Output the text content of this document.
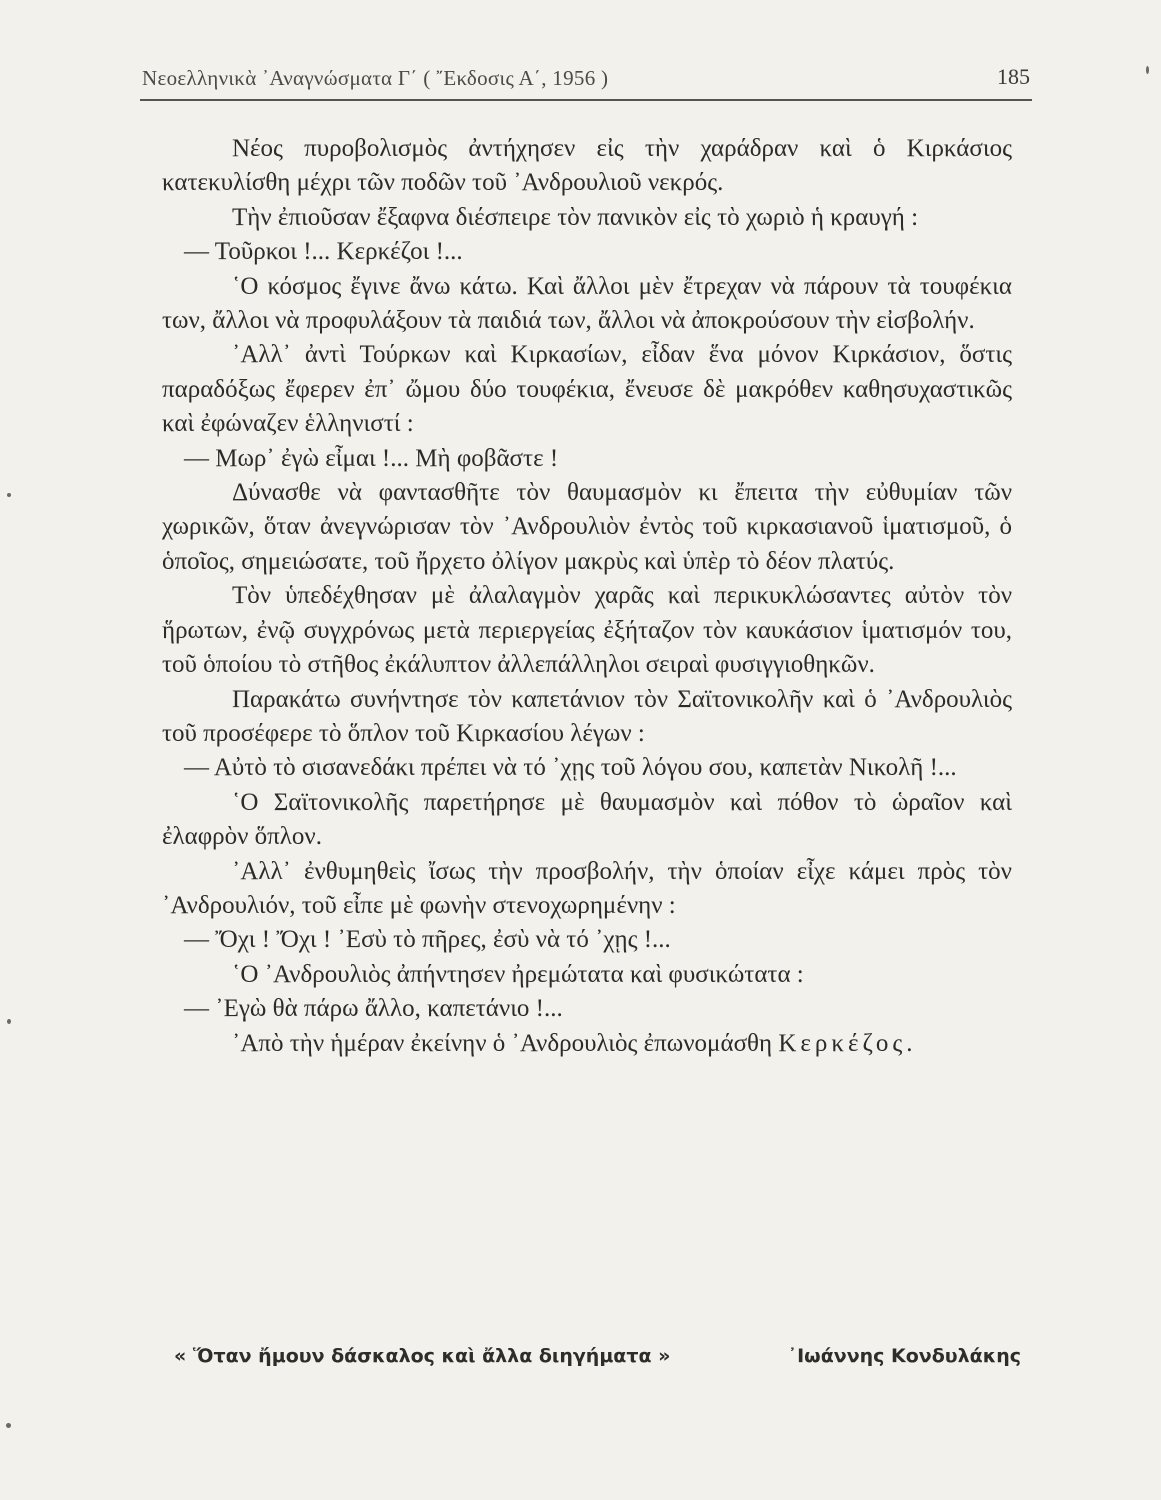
Νεοελληνικὰ ᾿Αναγνώσματα Γ΄ ( ῎Εκδοσις Α΄, 1956 )	185

Νέος πυροβολισμὸς ἀντήχησεν εἰς τὴν χαράδραν καὶ ὁ Κιρκάσιος κατεκυλίσθη μέχρι τῶν ποδῶν τοῦ ᾿Ανδρουλιοῦ νεκρός.

Τὴν ἐπιοῦσαν ἔξαφνα διέσπειρε τὸν πανικὸν εἰς τὸ χωριὸ ἡ κραυγή :

— Τοῦρκοι !... Κερκέζοι !...

῾Ο κόσμος ἔγινε ἄνω κάτω. Καὶ ἄλλοι μὲν ἔτρεχαν νὰ πάρουν τὰ τουφέκια των, ἄλλοι νὰ προφυλάξουν τὰ παιδιά των, ἄλλοι νὰ ἀποκρούσουν τὴν εἰσβολήν.

᾿Αλλ᾿ ἀντὶ Τούρκων καὶ Κιρκασίων, εἶδαν ἕνα μόνον Κιρκάσιον, ὅστις παραδόξως ἔφερεν ἐπ᾿ ὤμου δύο τουφέκια, ἔνευσε δὲ μακρόθεν καθησυχαστικῶς καὶ ἐφώναζεν ἑλληνιστί :

— Μωρ᾿ ἐγὼ εἶμαι !... Μὴ φοβᾶστε !

Δύνασθε νὰ φαντασθῆτε τὸν θαυμασμὸν κι ἔπειτα τὴν εὐθυμίαν τῶν χωρικῶν, ὅταν ἀνεγνώρισαν τὸν ᾿Ανδρουλιὸν ἐντὸς τοῦ κιρκασιανοῦ ἱματισμοῦ, ὁ ὁποῖος, σημειώσατε, τοῦ ἤρχετο ὀλίγον μακρὺς καὶ ὑπὲρ τὸ δέον πλατύς.

Τὸν ὑπεδέχθησαν μὲ ἀλαλαγμὸν χαρᾶς καὶ περικυκλώσαντες αὐτὸν τὸν ἥρωτων, ἐνῷ συγχρόνως μετὰ περιεργείας ἐξήταζον τὸν καυκάσιον ἱματισμόν του, τοῦ ὁποίου τὸ στῆθος ἐκάλυπτον ἀλλεπάλληλοι σειραὶ φυσιγγιοθηκῶν.

Παρακάτω συνήντησε τὸν καπετάνιον τὸν Σαϊτονικολῆν καὶ ὁ ᾿Ανδρουλιὸς τοῦ προσέφερε τὸ ὅπλον τοῦ Κιρκασίου λέγων :

— Αὐτὸ τὸ σισανεδάκι πρέπει νὰ τό ᾿χῃς τοῦ λόγου σου, καπετὰν Νικολῆ !...

῾Ο Σαϊτονικολῆς παρετήρησε μὲ θαυμασμὸν καὶ πόθον τὸ ὡραῖον καὶ ἐλαφρὸν ὅπλον.

᾿Αλλ᾿ ἐνθυμηθεὶς ἴσως τὴν προσβολήν, τὴν ὁποίαν εἶχε κάμει πρὸς τὸν ᾿Ανδρουλιόν, τοῦ εἶπε μὲ φωνὴν στενοχωρημένην :

— Ὄχι ! Ὄχι ! ᾿Εσὺ τὸ πῆρες, ἐσὺ νὰ τό ᾿χῃς !...

῾Ο ᾿Ανδρουλιὸς ἀπήντησεν ἠρεμώτατα καὶ φυσικώτατα :

— ᾿Εγὼ θὰ πάρω ἄλλο, καπετάνιο !...

᾿Απὸ τὴν ἡμέραν ἐκείνην ὁ ᾿Ανδρουλιὸς ἐπωνομάσθη Κερκέζος.

« Ὅταν ἤμουν δάσκαλος καὶ ἄλλα διηγήματα »	᾿Ιωάννης Κονδυλάκης
